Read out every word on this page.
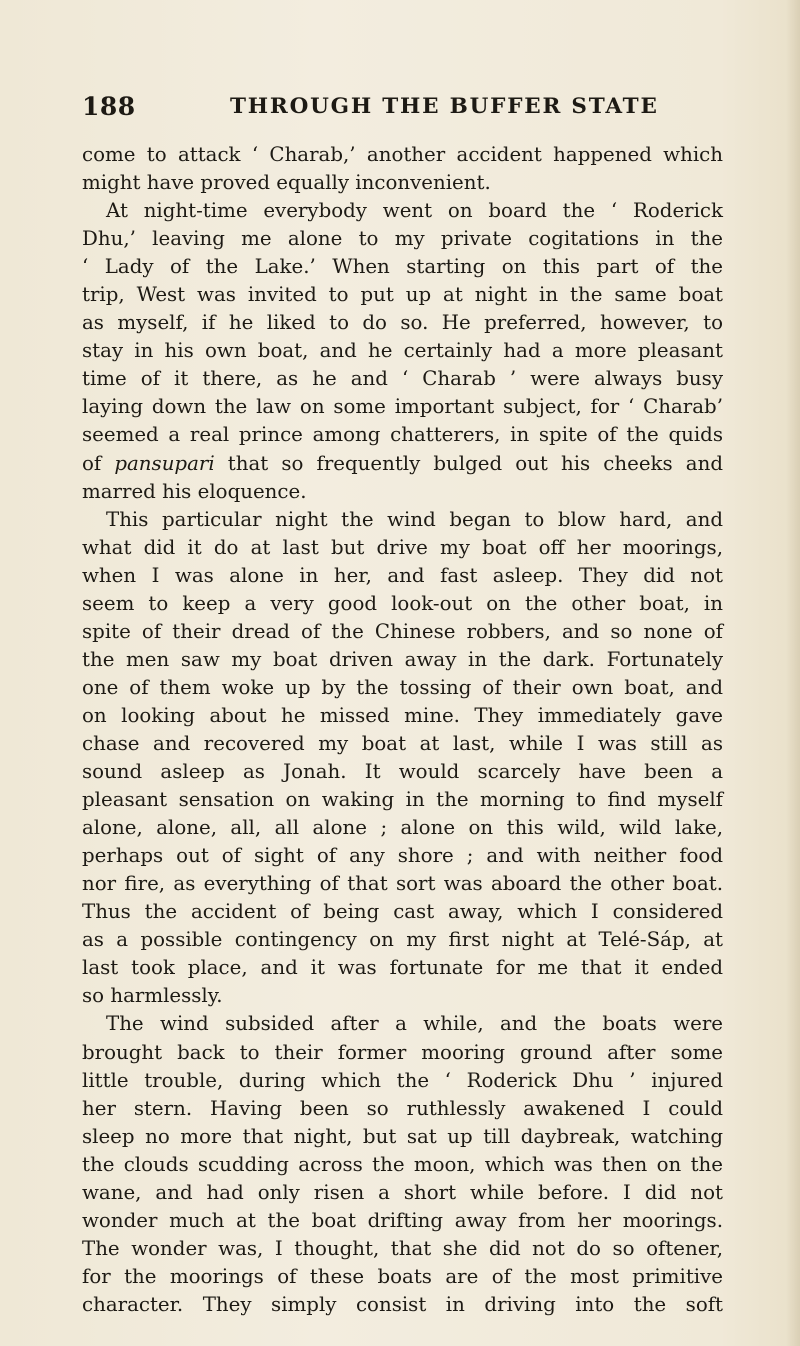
188	THROUGH THE BUFFER STATE
come to attack ‘ Charab,’ another accident happened which
might have proved equally inconvenient.
At night-time everybody went on board the ‘ Roderick
Dhu,’ leaving me alone to my private cogitations in the
‘ Lady of the Lake.’ When starting on this part of the
trip, West was invited to put up at night in the same boat
as myself, if he liked to do so. He preferred, however, to
stay in his own boat, and he certainly had a more pleasant
time of it there, as he and ‘ Charab ’ were always busy
laying down the law on some important subject, for ‘ Charab’
seemed a real prince among chatterers, in spite of the quids
of pansupari that so frequently bulged out his cheeks and
marred his eloquence.
This particular night the wind began to blow hard, and
what did it do at last but drive my boat off her moorings,
when I was alone in her, and fast asleep. They did not
seem to keep a very good look-out on the other boat, in
spite of their dread of the Chinese robbers, and so none of
the men saw my boat driven away in the dark. Fortunately
one of them woke up by the tossing of their own boat, and
on looking about he missed mine. They immediately gave
chase and recovered my boat at last, while I was still as
sound asleep as Jonah. It would scarcely have been a
pleasant sensation on waking in the morning to find myself
alone, alone, all, all alone ; alone on this wild, wild lake,
perhaps out of sight of any shore ; and with neither food
nor fire, as everything of that sort was aboard the other boat.
Thus the accident of being cast away, which I considered
as a possible contingency on my first night at Telé-Sáp, at
last took place, and it was fortunate for me that it ended
so harmlessly.
The wind subsided after a while, and the boats were
brought back to their former mooring ground after some
little trouble, during which the ‘ Roderick Dhu ’ injured
her stern. Having been so ruthlessly awakened I could
sleep no more that night, but sat up till daybreak, watching
the clouds scudding across the moon, which was then on the
wane, and had only risen a short while before. I did not
wonder much at the boat drifting away from her moorings.
The wonder was, I thought, that she did not do so oftener,
for the moorings of these boats are of the most primitive
character. They simply consist in driving into the soft
